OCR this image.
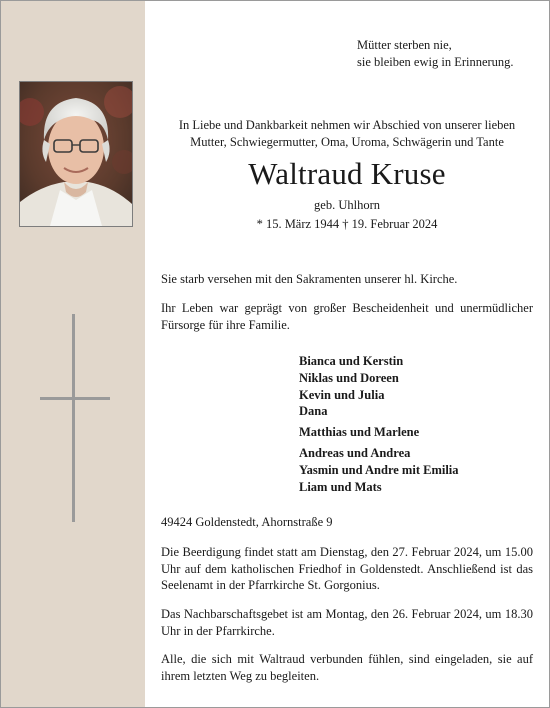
Mütter sterben nie,
sie bleiben ewig in Erinnerung.
In Liebe und Dankbarkeit nehmen wir Abschied von unserer lieben Mutter, Schwiegermutter, Oma, Uroma, Schwägerin und Tante
Waltraud Kruse
geb. Uhlhorn
* 15. März 1944 † 19. Februar 2024
Sie starb versehen mit den Sakramenten unserer hl. Kirche.
Ihr Leben war geprägt von großer Bescheidenheit und unermüdlicher Fürsorge für ihre Familie.
Bianca und Kerstin
Niklas und Doreen
Kevin und Julia
Dana
Matthias und Marlene
Andreas und Andrea
Yasmin und Andre mit Emilia
Liam und Mats
49424 Goldenstedt, Ahornstraße 9
Die Beerdigung findet statt am Dienstag, den 27. Februar 2024, um 15.00 Uhr auf dem katholischen Friedhof in Goldenstedt. Anschließend ist das Seelenamt in der Pfarrkirche St. Gorgonius.
Das Nachbarschaftsgebet ist am Montag, den 26. Februar 2024, um 18.30 Uhr in der Pfarrkirche.
Alle, die sich mit Waltraud verbunden fühlen, sind eingeladen, sie auf ihrem letzten Weg zu begleiten.
